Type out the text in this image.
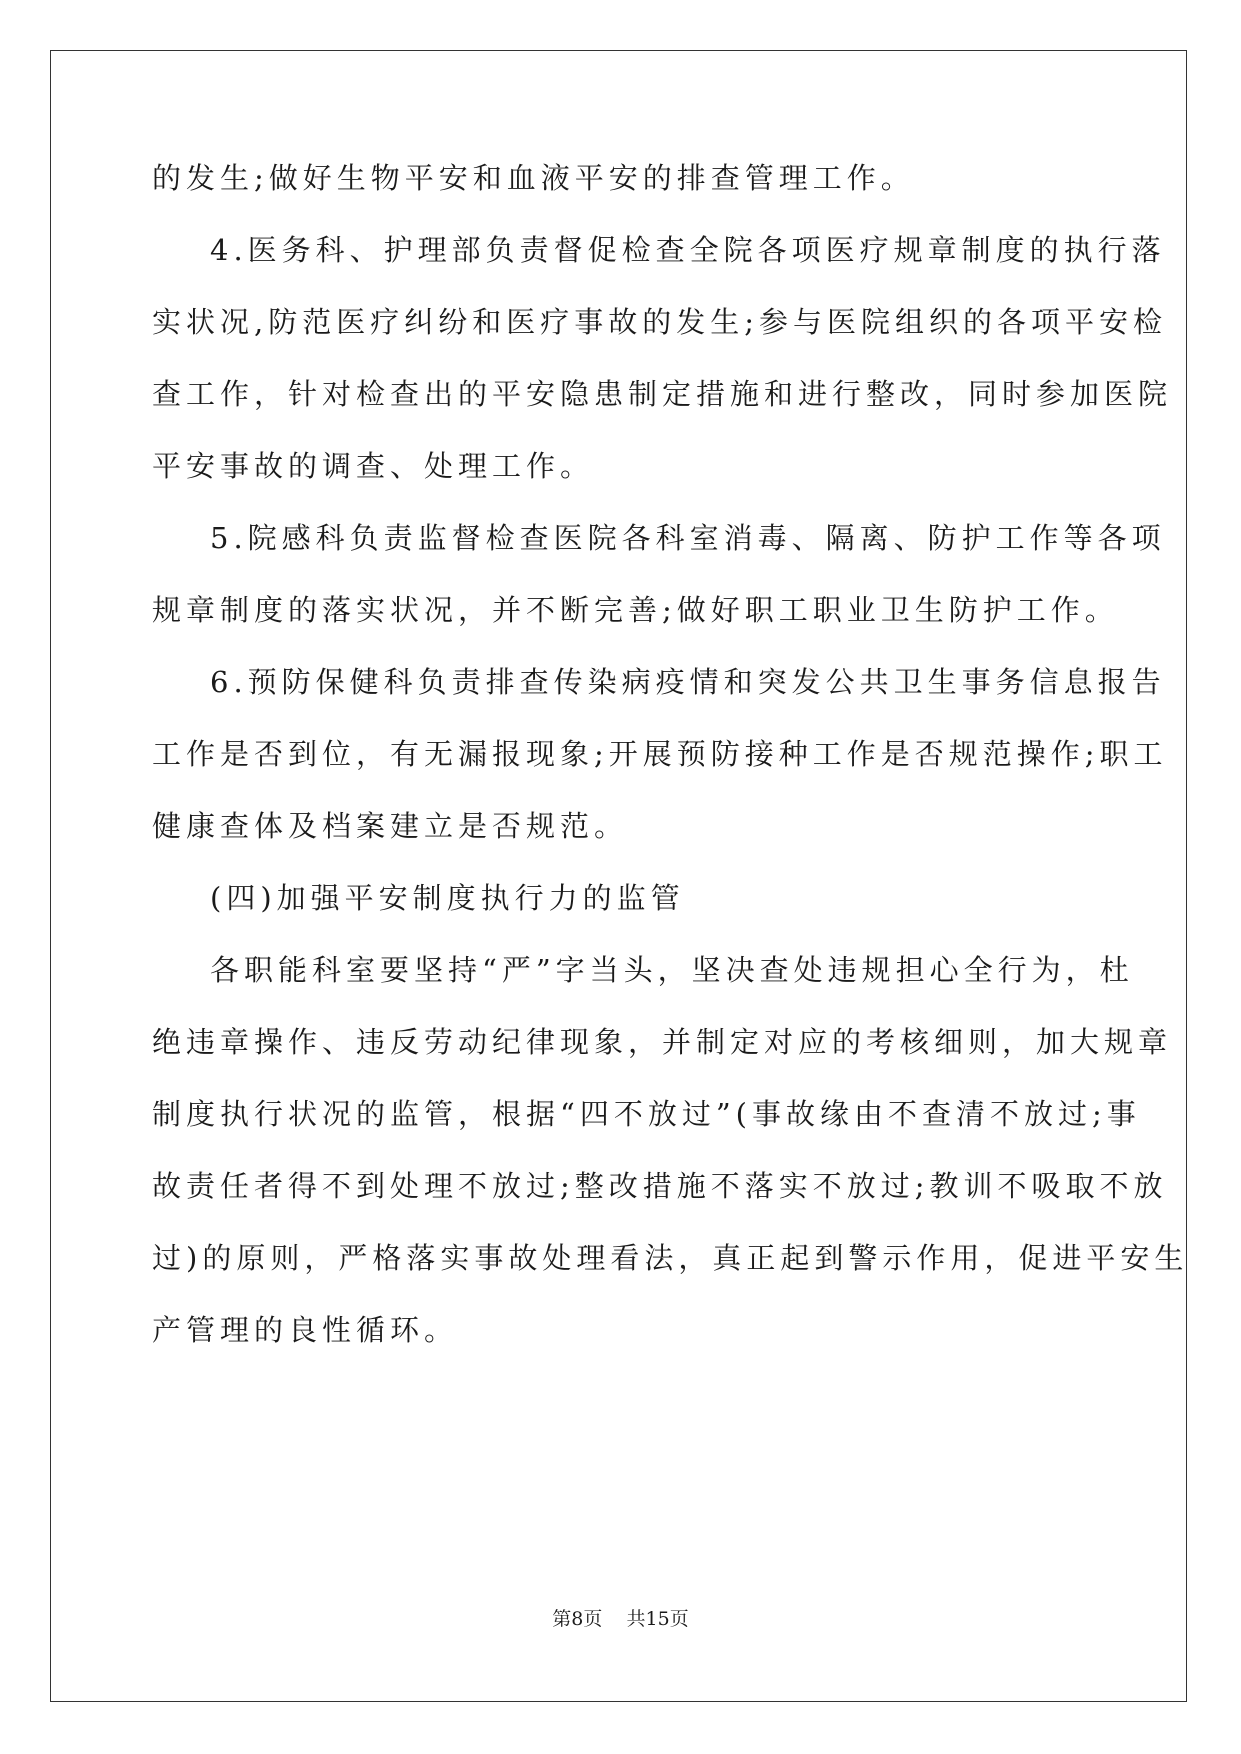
的发生;做好生物平安和血液平安的排查管理工作。
4.医务科、护理部负责督促检查全院各项医疗规章制度的执行落
实状况,防范医疗纠纷和医疗事故的发生;参与医院组织的各项平安检
查工作，针对检查出的平安隐患制定措施和进行整改，同时参加医院
平安事故的调查、处理工作。
5.院感科负责监督检查医院各科室消毒、隔离、防护工作等各项
规章制度的落实状况，并不断完善;做好职工职业卫生防护工作。
6.预防保健科负责排查传染病疫情和突发公共卫生事务信息报告
工作是否到位，有无漏报现象;开展预防接种工作是否规范操作;职工
健康查体及档案建立是否规范。
(四)加强平安制度执行力的监管
各职能科室要坚持“严”字当头，坚决查处违规担心全行为，杜
绝违章操作、违反劳动纪律现象，并制定对应的考核细则，加大规章
制度执行状况的监管，根据“四不放过”(事故缘由不查清不放过;事
故责任者得不到处理不放过;整改措施不落实不放过;教训不吸取不放
过)的原则，严格落实事故处理看法，真正起到警示作用，促进平安生
产管理的良性循环。
第8页 共15页
